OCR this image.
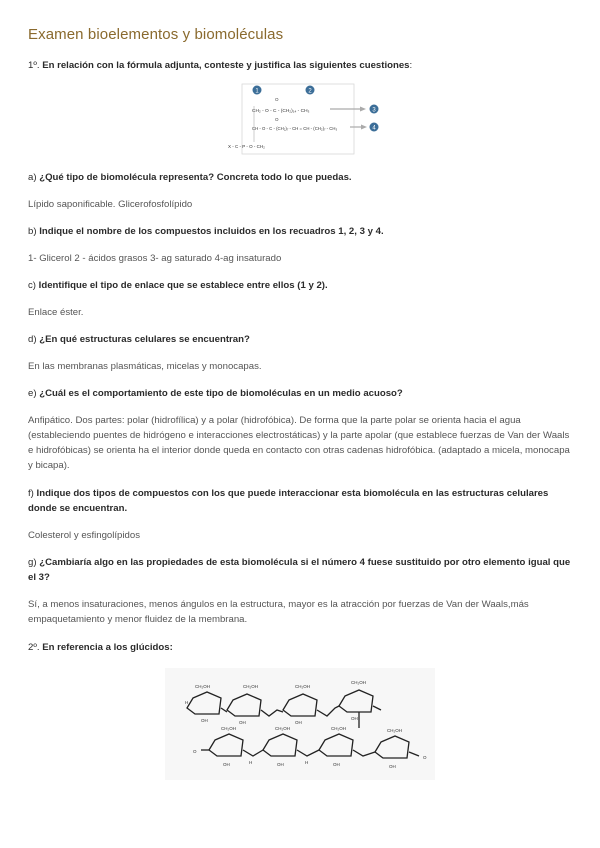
Examen bioelementos y biomoléculas
1º. En relación con la fórmula adjunta, conteste y justifica las siguientes cuestiones:
1	2
O
CH₂ - O - C - (CH₂)₁₄ - CH₃	3
O
CH - O - C - (CH₂)₇ - CH = CH - (CH₂)₇ - CH₃	4
X - C - P - O - CH₂
a) ¿Qué tipo de biomolécula representa? Concreta todo lo que puedas.
Lípido saponificable. Glicerofosfolípido
b) Indique el nombre de los compuestos incluidos en los recuadros 1, 2, 3 y 4.
1- Glicerol 2 - ácidos grasos 3- ag saturado 4-ag insaturado
c) Identifique el tipo de enlace que se establece entre ellos (1 y 2).
Enlace éster.
d) ¿En qué estructuras celulares se encuentran?
En las membranas plasmáticas, micelas y monocapas.
e) ¿Cuál es el comportamiento de este tipo de biomoléculas en un medio acuoso?
Anfipático. Dos partes: polar (hidrofílica) y a polar (hidrofóbica). De forma que la parte polar se orienta hacia el agua (estableciendo puentes de hidrógeno e interacciones electrostáticas) y la parte apolar (que establece fuerzas de Van der Waals e hidrofóbicas) se orienta ha el interior donde queda en contacto con otras cadenas hidrofóbica. (adaptado a micela, monocapa y bicapa).
f) Indique dos tipos de compuestos con los que puede interaccionar esta biomolécula en las estructuras celulares donde se encuentran.
Colesterol y esfingolípidos
g) ¿Cambiaría algo en las propiedades de esta biomolécula si el número 4 fuese sustituido por otro elemento igual que el 3?
Sí, a menos insaturaciones, menos ángulos en la estructura, mayor es la atracción por fuerzas de Van der Waals,más empaquetamiento y menor fluidez de la membrana.
2º. En referencia a los glúcidos:
CH₂OH	CH₂OH	CH₂OH
CH₂OH
CH₂OH	CH₂OH	CH₂OH	CH₂OH
H
OH	OH	OH
OH
OH	OH	OH	OH
O
O
H	H
